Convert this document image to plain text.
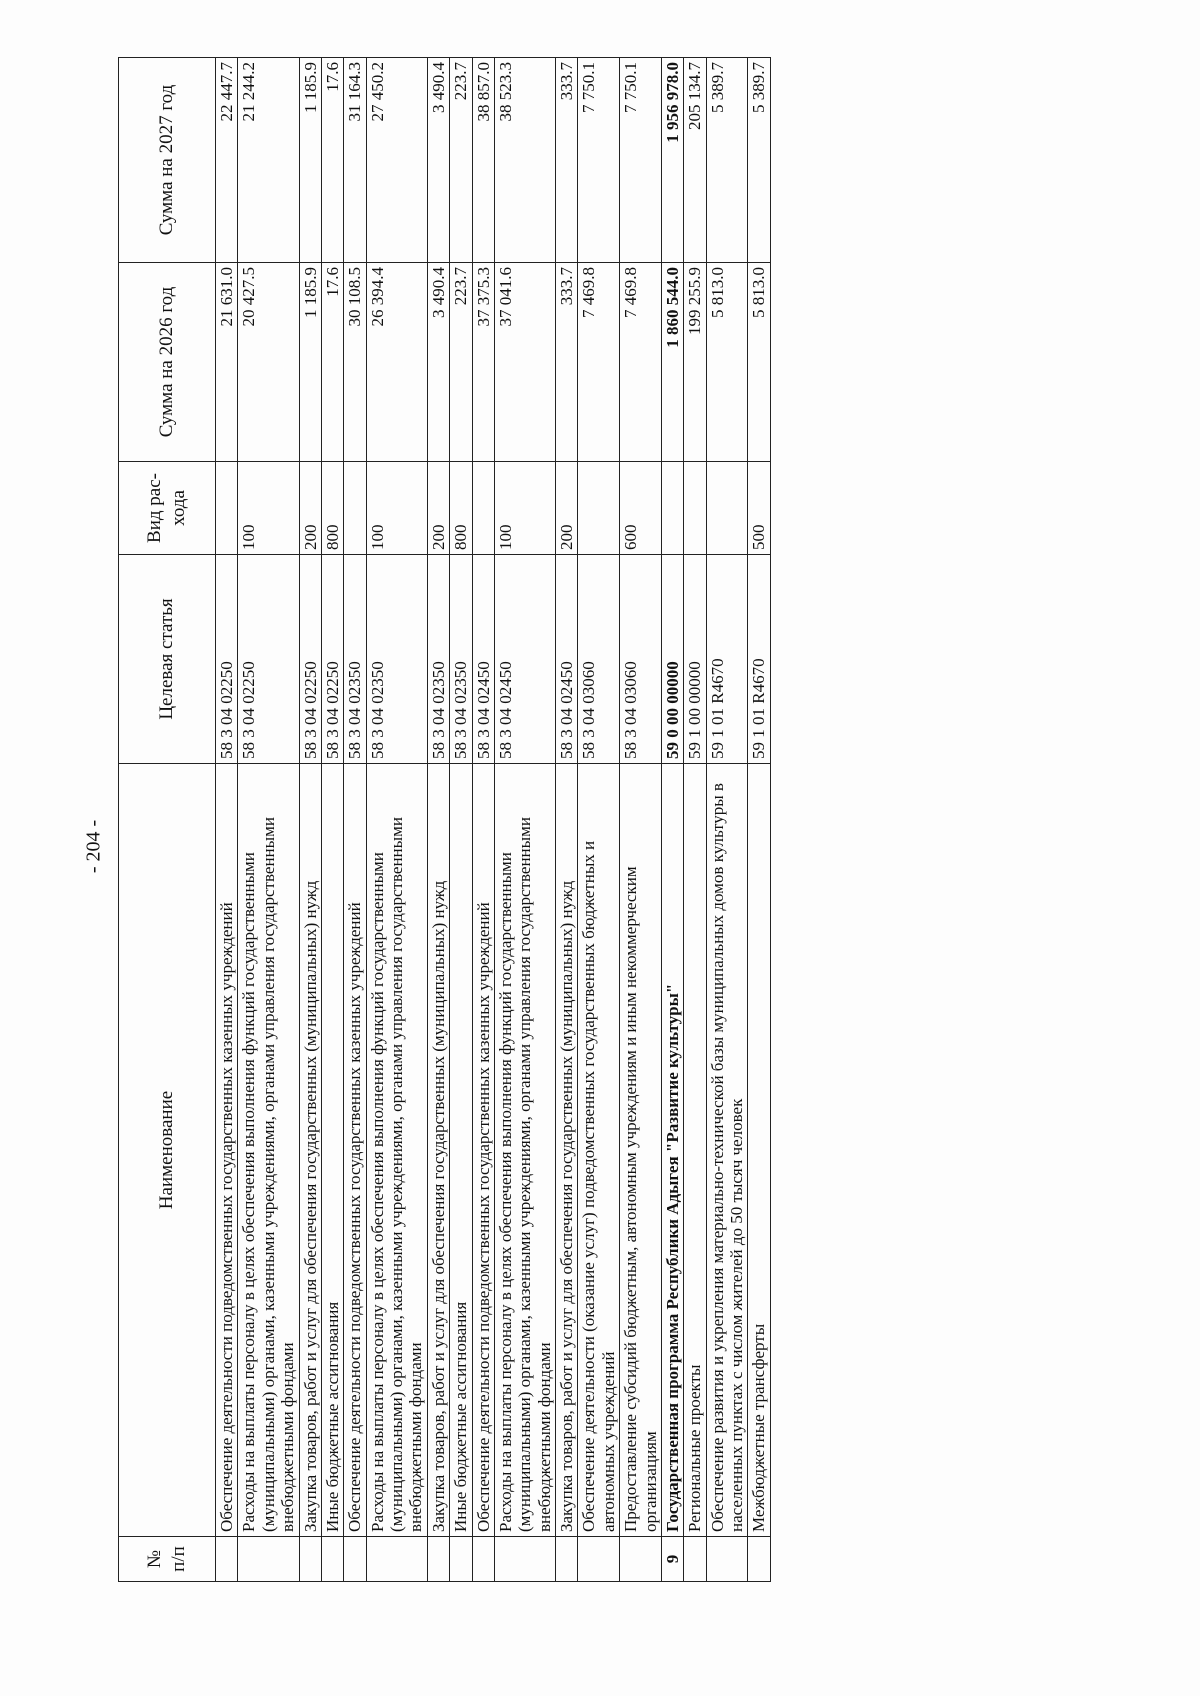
- 204 -
№ п/п	Наименование	Целевая статья	Вид рас-хода	Сумма на 2026 год	Сумма на 2027 год
	Обеспечение деятельности подведомственных государственных казенных учреждений	58 3 04 02250		21 631.0	22 447.7
	Расходы на выплаты персоналу в целях обеспечения выполнения функций государственными (муниципальными) органами, казенными учреждениями, органами управления государственными внебюджетными фондами	58 3 04 02250	100	20 427.5	21 244.2
	Закупка товаров, работ и услуг для обеспечения государственных (муниципальных) нужд	58 3 04 02250	200	1 185.9	1 185.9
	Иные бюджетные ассигнования	58 3 04 02250	800	17.6	17.6
	Обеспечение деятельности подведомственных государственных казенных учреждений	58 3 04 02350		30 108.5	31 164.3
	Расходы на выплаты персоналу в целях обеспечения выполнения функций государственными (муниципальными) органами, казенными учреждениями, органами управления государственными внебюджетными фондами	58 3 04 02350	100	26 394.4	27 450.2
	Закупка товаров, работ и услуг для обеспечения государственных (муниципальных) нужд	58 3 04 02350	200	3 490.4	3 490.4
	Иные бюджетные ассигнования	58 3 04 02350	800	223.7	223.7
	Обеспечение деятельности подведомственных государственных казенных учреждений	58 3 04 02450		37 375.3	38 857.0
	Расходы на выплаты персоналу в целях обеспечения выполнения функций государственными (муниципальными) органами, казенными учреждениями, органами управления государственными внебюджетными фондами	58 3 04 02450	100	37 041.6	38 523.3
	Закупка товаров, работ и услуг для обеспечения государственных (муниципальных) нужд	58 3 04 02450	200	333.7	333.7
	Обеспечение деятельности (оказание услуг) подведомственных государственных бюджетных и автономных учреждений	58 3 04 03060		7 469.8	7 750.1
	Предоставление субсидий бюджетным, автономным учреждениям и иным некоммерческим организациям	58 3 04 03060	600	7 469.8	7 750.1
9	Государственная программа Республики Адыгея "Развитие культуры"	59 0 00 00000		1 860 544.0	1 956 978.0
	Региональные проекты	59 1 00 00000		199 255.9	205 134.7
	Обеспечение развития и укрепления материально-технической базы муниципальных домов культуры в населенных пунктах с числом жителей до 50 тысяч человек	59 1 01 R4670		5 813.0	5 389.7
	Межбюджетные трансферты	59 1 01 R4670	500	5 813.0	5 389.7
